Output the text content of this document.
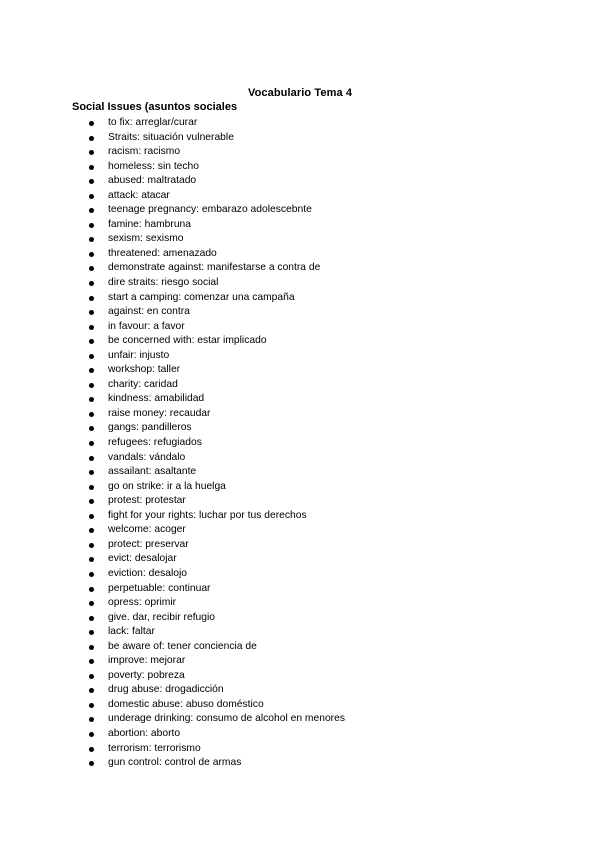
Vocabulario Tema 4
Social Issues (asuntos sociales
to fix: arreglar/curar
Straits: situación vulnerable
racism: racismo
homeless: sin techo
abused: maltratado
attack: atacar
teenage pregnancy: embarazo adolescebnte
famine: hambruna
sexism: sexismo
threatened: amenazado
demonstrate against: manifestarse a contra de
dire straits: riesgo social
start a camping: comenzar una campaña
against: en contra
in favour: a favor
be concerned with: estar implicado
unfair: injusto
workshop: taller
charity: caridad
kindness: amabilidad
raise money: recaudar
gangs: pandilleros
refugees: refugiados
vandals: vándalo
assailant: asaltante
go on strike: ir a la huelga
protest: protestar
fight for your rights: luchar por tus derechos
welcome: acoger
protect: preservar
evict: desalojar
eviction: desalojo
perpetuable: continuar
opress: oprimir
give. dar, recibir refugio
lack: faltar
be aware of: tener conciencia de
improve: mejorar
poverty: pobreza
drug abuse: drogadicción
domestic abuse: abuso doméstico
underage drinking: consumo de alcohol en menores
abortion: aborto
terrorism: terrorismo
gun control: control de armas
